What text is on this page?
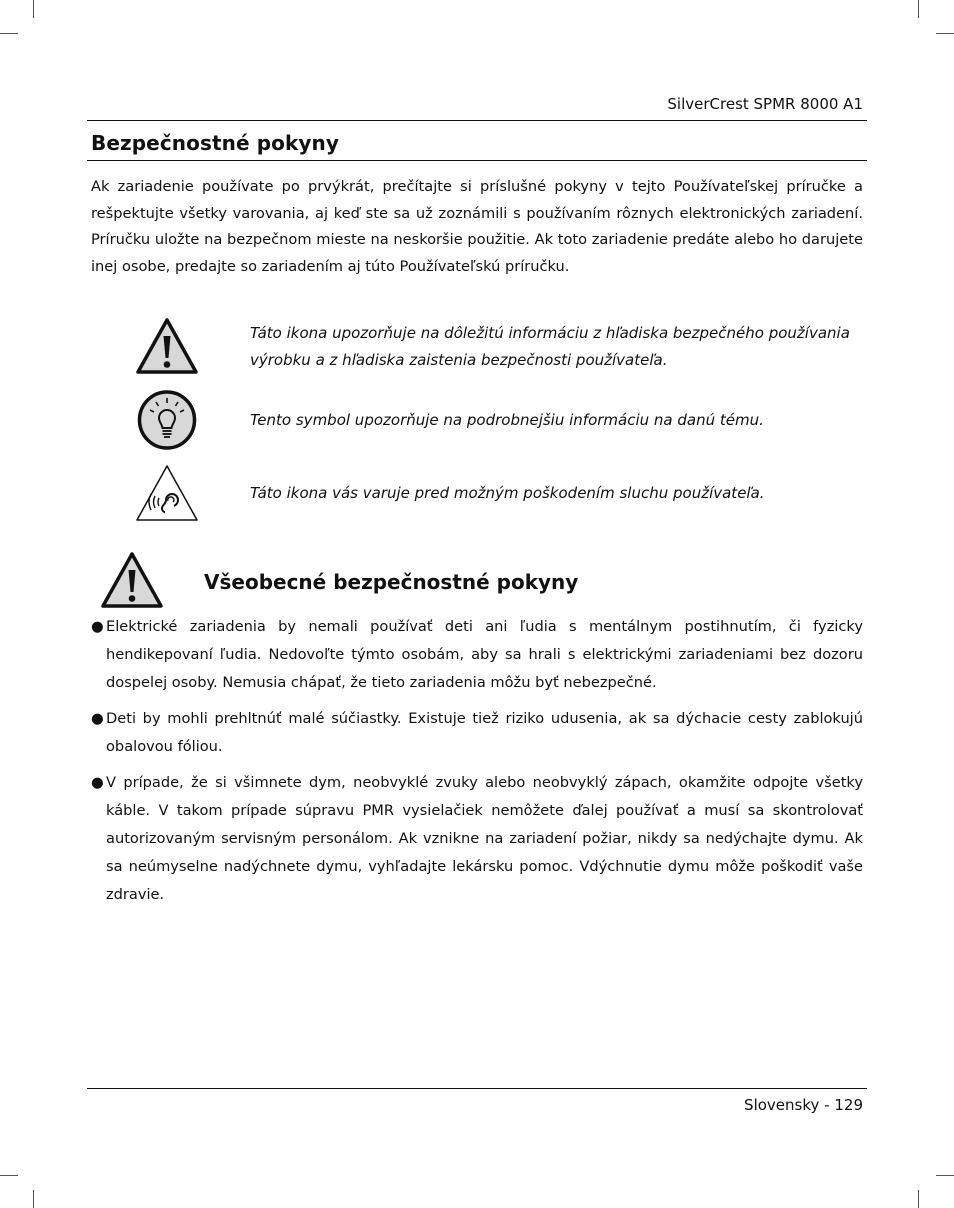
SilverCrest SPMR 8000 A1
Bezpečnostné pokyny

Ak zariadenie používate po prvýkrát, prečítajte si príslušné pokyny v tejto Používateľskej príručke a rešpektujte všetky varovania, aj keď ste sa už zoznámili s používaním rôznych elektronických zariadení. Príručku uložte na bezpečnom mieste na neskoršie použitie. Ak toto zariadenie predáte alebo ho darujete inej osobe, predajte so zariadením aj túto Používateľskú príručku.

Táto ikona upozorňuje na dôležitú informáciu z hľadiska bezpečného používania výrobku a z hľadiska zaistenia bezpečnosti používateľa.

Tento symbol upozorňuje na podrobnejšiu informáciu na danú tému.

Táto ikona vás varuje pred možným poškodením sluchu používateľa.

Všeobecné bezpečnostné pokyny
● Elektrické zariadenia by nemali používať deti ani ľudia s mentálnym postihnutím, či fyzicky hendikepovaní ľudia. Nedovoľte týmto osobám, aby sa hrali s elektrickými zariadeniami bez dozoru dospelej osoby. Nemusia chápať, že tieto zariadenia môžu byť nebezpečné.

● Deti by mohli prehltnúť malé súčiastky. Existuje tiež riziko udusenia, ak sa dýchacie cesty zablokujú obalovou fóliou.

● V prípade, že si všimnete dym, neobvyklé zvuky alebo neobvyklý zápach, okamžite odpojte všetky káble. V takom prípade súpravu PMR vysielačiek nemôžete ďalej používať a musí sa skontrolovať autorizovaným servisným personálom. Ak vznikne na zariadení požiar, nikdy sa nedýchajte dymu. Ak sa neúmyselne nadýchnete dymu, vyhľadajte lekársku pomoc. Vdýchnutie dymu môže poškodiť vaše zdravie.

Slovensky - 129
